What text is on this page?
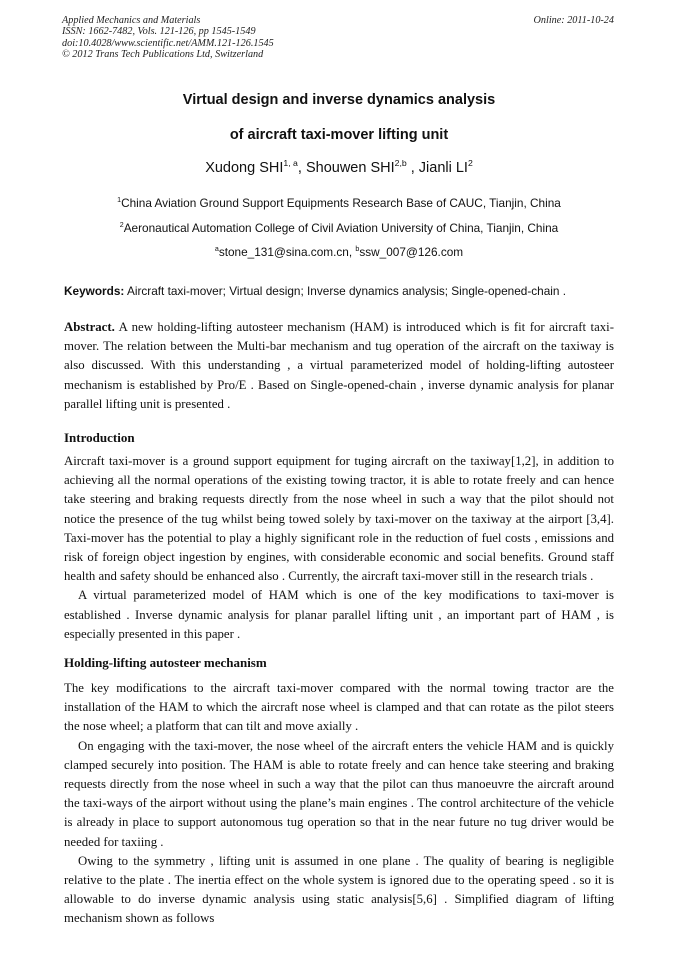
Applied Mechanics and Materials
ISSN: 1662-7482, Vols. 121-126, pp 1545-1549
doi:10.4028/www.scientific.net/AMM.121-126.1545
© 2012 Trans Tech Publications Ltd, Switzerland
Online: 2011-10-24
Virtual design and inverse dynamics analysis
of aircraft taxi-mover lifting unit
Xudong SHI$^{1, a}$, Shouwen SHI$^{2,b}$ , Jianli $LI^2$
$^1$China Aviation Ground Support Equipments Research Base of CAUC, Tianjin, China
$^2$Aeronautical Automation College of Civil Aviation University of China, Tianjin, China
$^a$stone_131@sina.com.cn, $^b$ssw_007@126.com
Keywords: Aircraft taxi-mover; Virtual design; Inverse dynamics analysis; Single-opened-chain .

Abstract. A new holding-lifting autosteer mechanism (HAM) is introduced which is fit for aircraft taxi-mover. The relation between the Multi-bar mechanism and tug operation of the aircraft on the taxiway is also discussed. With this understanding , a virtual parameterized model of holding-lifting autosteer mechanism is established by Pro/E . Based on Single-opened-chain , inverse dynamic analysis for planar parallel lifting unit is presented .

Introduction

Aircraft taxi-mover is a ground support equipment for tuging aircraft on the taxiway[1,2], in addition to achieving all the normal operations of the existing towing tractor, it is able to rotate freely and can hence take steering and braking requests directly from the nose wheel in such a way that the pilot should not notice the presence of the tug whilst being towed solely by taxi-mover on the taxiway at the airport [3,4]. Taxi-mover has the potential to play a highly significant role in the reduction of fuel costs , emissions and risk of foreign object ingestion by engines, with considerable economic and social benefits. Ground staff health and safety should be enhanced also . Currently, the aircraft taxi-mover still in the research trials .

A virtual parameterized model of HAM which is one of the key modifications to taxi-mover is established . Inverse dynamic analysis for planar parallel lifting unit , an important part of HAM , is especially presented in this paper .

Holding-lifting autosteer mechanism

The key modifications to the aircraft taxi-mover compared with the normal towing tractor are the installation of the HAM to which the aircraft nose wheel is clamped and that can rotate as the pilot steers the nose wheel; a platform that can tilt and move axially .

On engaging with the taxi-mover, the nose wheel of the aircraft enters the vehicle HAM and is quickly clamped securely into position. The HAM is able to rotate freely and can hence take steering and braking requests directly from the nose wheel in such a way that the pilot can thus manoeuvre the aircraft around the taxi-ways of the airport without using the plane’s main engines . The control architecture of the vehicle is already in place to support autonomous tug operation so that in the near future no tug driver would be needed for taxiing .

Owing to the symmetry , lifting unit is assumed in one plane . The quality of bearing is negligible relative to the plate . The inertia effect on the whole system is ignored due to the operating speed . so it is allowable to do inverse dynamic analysis using static analysis[5,6] . Simplified diagram of lifting mechanism shown as follows
